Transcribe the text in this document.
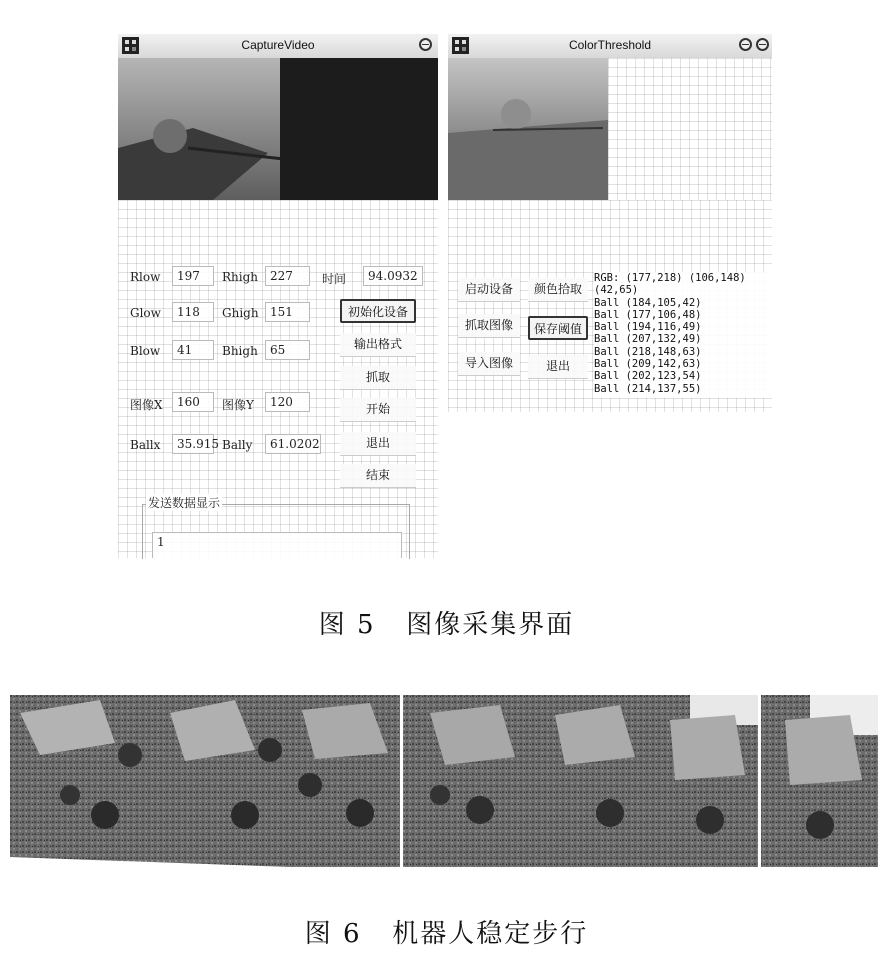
CaptureVideo
Rlow	197	Rhigh 227	时间	94.0932
Glow	118	Ghigh 151	初始化设备
Blow	41	Bhigh	65	输出格式
抓取
图像X	160	图像Y	120	开始
Ballx	35.915 Bally	61.0202	退出
结束
发送数据显示
1
ColorThreshold
启动设备	颜色拾取
抓取图像	保存阈值
导入图像	退出
RGB: (177,218) (106,148) (42,65)
Ball (184,105,42)
Ball (177,106,48)
Ball (194,116,49)
Ball (207,132,49)
Ball (218,148,63)
Ball (209,142,63)
Ball (202,123,54)
Ball (214,137,55)
图 5   图像采集界面
图 6   机器人稳定步行
